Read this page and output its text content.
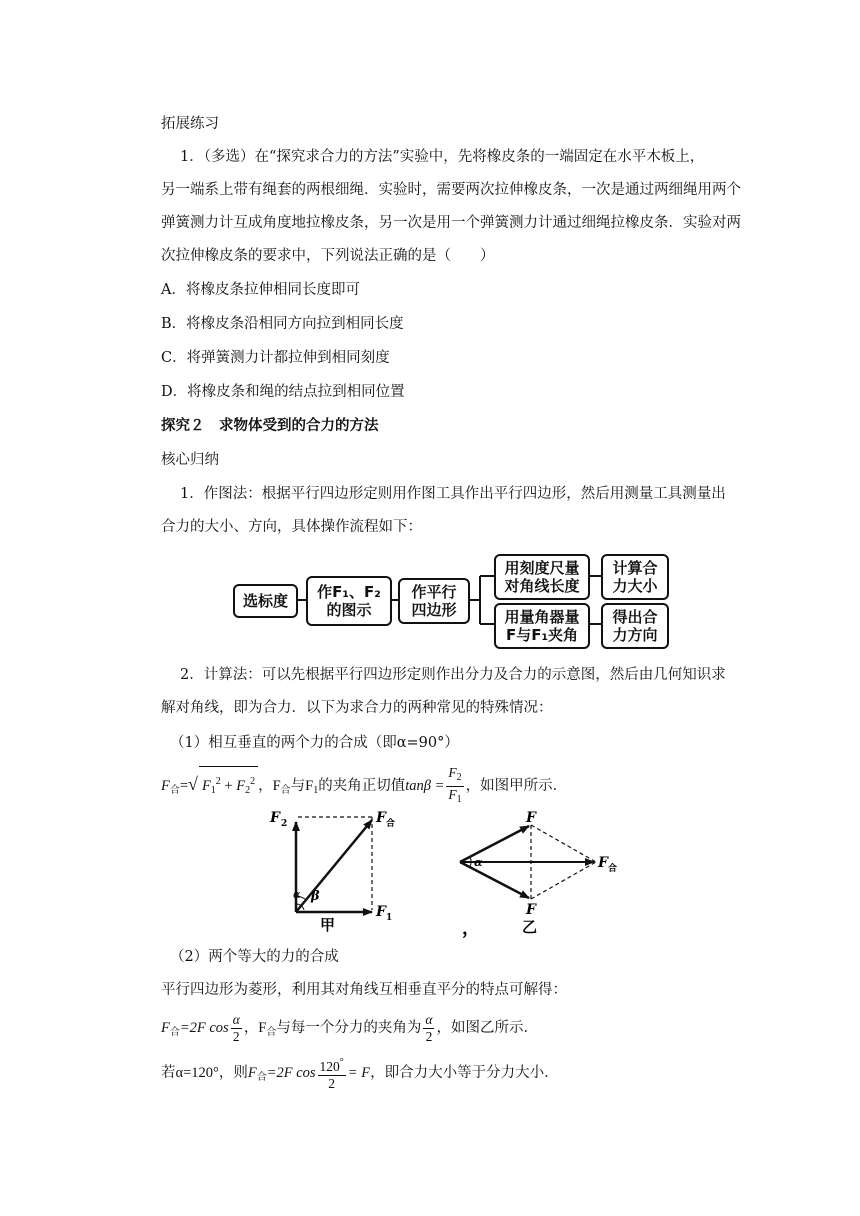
拓展练习
1．（多选）在“探究求合力的方法”实验中，先将橡皮条的一端固定在水平木板上，
另一端系上带有绳套的两根细绳．实验时，需要两次拉伸橡皮条，一次是通过两细绳用两个
弹簧测力计互成角度地拉橡皮条，另一次是用一个弹簧测力计通过细绳拉橡皮条．实验对两
次拉伸橡皮条的要求中，下列说法正确的是（　　）
A．将橡皮条拉伸相同长度即可
B．将橡皮条沿相同方向拉到相同长度
C．将弹簧测力计都拉伸到相同刻度
D．将橡皮条和绳的结点拉到相同位置
探究２　求物体受到的合力的方法
核心归纳
1．作图法：根据平行四边形定则用作图工具作出平行四边形，然后用测量工具测量出
合力的大小、方向，具体操作流程如下：
选标度 作F₁、F₂
的图示
作平行
四边形
用刻度尺量
对角线长度
用量角器量
F与F₁夹角
计算合
力大小
得出合
力方向
2．计算法：可以先根据平行四边形定则作出分力及合力的示意图，然后由几何知识求
解对角线，即为合力．以下为求合力的两种常见的特殊情况：
（1）相互垂直的两个力的合成（即α=90°）
$F_合=√$ $F_1^2 + F_2^2$ ，$F_合$与$F_1$的夹角正切值$\tan\beta = \frac{F_2}{F_1}$ ，如图甲所示．
F 2	F 合
F 1
α β
甲
α
F
F
F 合
乙
，
（2）两个等大的力的合成
平行四边形为菱形，利用其对角线互相垂直平分的特点可解得：
$F_合=2F$ $\cos \frac{\alpha}{2}$ ，$F_合$与每一个分力的夹角为 $\frac{\alpha}{2}$ ，如图乙所示．
若α=120°，则$F_合=2F$ $\cos \frac{120^\circ}{2} = F$，即合力大小等于分力大小．
